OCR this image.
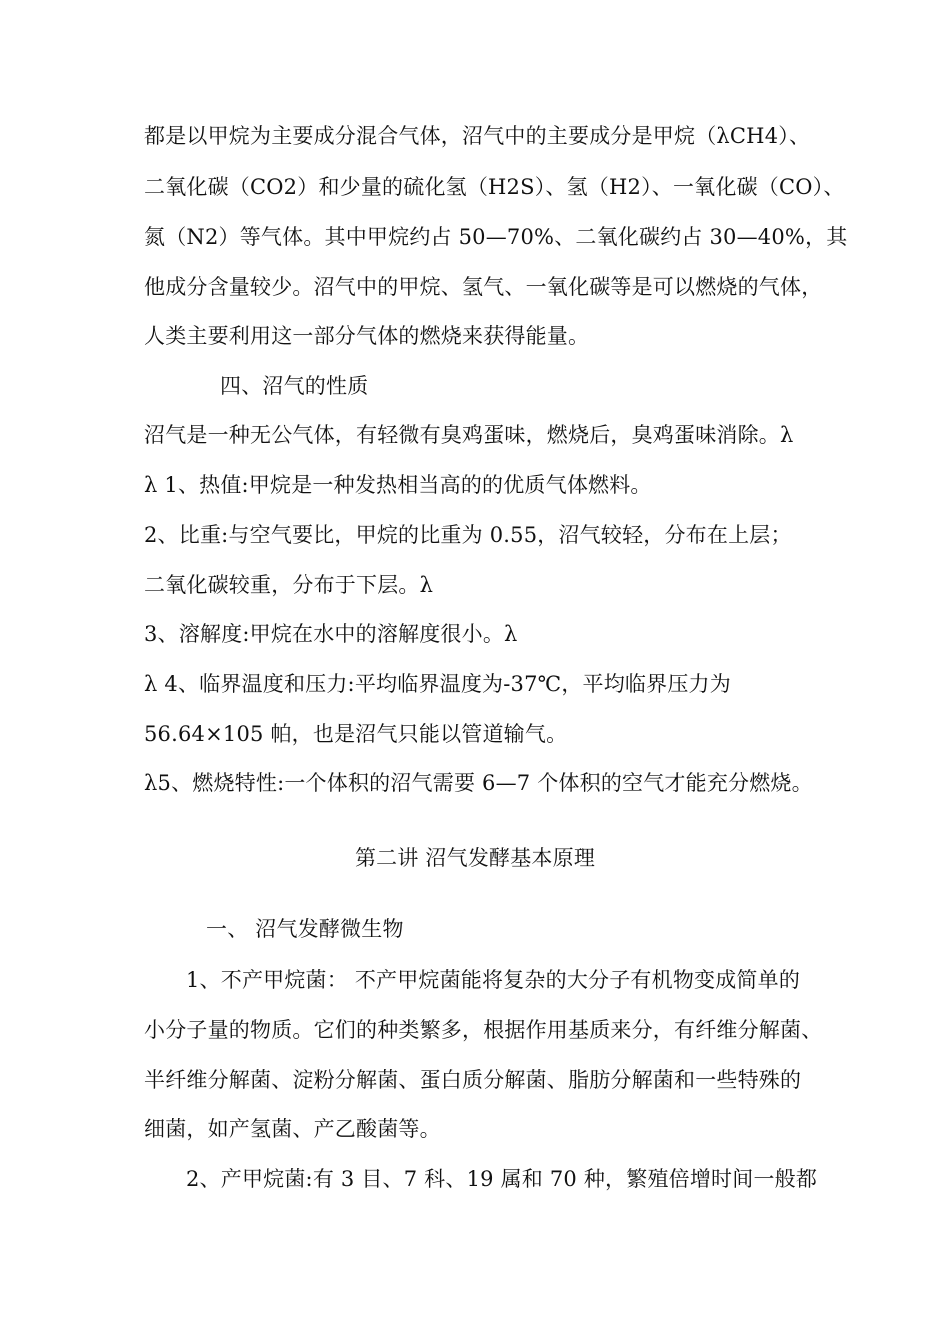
都是以甲烷为主要成分混合气体，沼气中的主要成分是甲烷（λCH4）、
二氧化碳（CO2）和少量的硫化氢（H2S）、氢（H2）、一氧化碳（CO）、
氮（N2）等气体。其中甲烷约占 50—70%、二氧化碳约占 30—40%，其
他成分含量较少。沼气中的甲烷、氢气、一氧化碳等是可以燃烧的气体，
人类主要利用这一部分气体的燃烧来获得能量。
四、沼气的性质
沼气是一种无公气体，有轻微有臭鸡蛋味，燃烧后，臭鸡蛋味消除。λ
λ 1、热值:甲烷是一种发热相当高的的优质气体燃料。
2、比重:与空气要比，甲烷的比重为 0.55，沼气较轻，分布在上层；
二氧化碳较重，分布于下层。λ
3、溶解度:甲烷在水中的溶解度很小。λ
λ 4、临界温度和压力:平均临界温度为-37℃，平均临界压力为
56.64×105 帕，也是沼气只能以管道输气。
λ5、燃烧特性:一个体积的沼气需要 6—7 个体积的空气才能充分燃烧。
第二讲 沼气发酵基本原理
一、 沼气发酵微生物
1、不产甲烷菌： 不产甲烷菌能将复杂的大分子有机物变成简单的
小分子量的物质。它们的种类繁多，根据作用基质来分，有纤维分解菌、
半纤维分解菌、淀粉分解菌、蛋白质分解菌、脂肪分解菌和一些特殊的
细菌，如产氢菌、产乙酸菌等。
2、产甲烷菌:有 3 目、7 科、19 属和 70 种，繁殖倍增时间一般都
